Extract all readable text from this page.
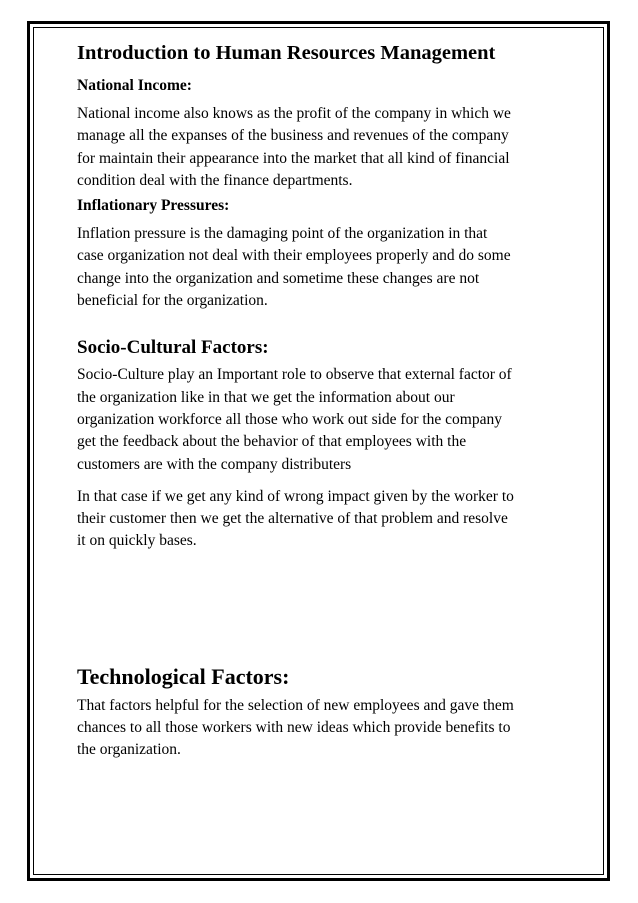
Introduction to Human Resources Management
National Income:

National income also knows as the profit of the company in which we
manage all the expanses of the business and revenues of the company
for maintain their appearance into the market that all kind of financial
condition deal with the finance departments.

Inflationary Pressures:

Inflation pressure is the damaging point of the organization in that
case organization not deal with their employees properly and do some
change into the organization and sometime these changes are not
beneficial for the organization.

Socio-Cultural Factors:

Socio-Culture play an Important role to observe that external factor of
the organization like in that we get the information about our
organization workforce all those who work out side for the company
get the feedback about the behavior of that employees with the
customers are with the company distributers

In that case if we get any kind of wrong impact given by the worker to
their customer then we get the alternative of that problem and resolve
it on quickly bases.

Technological Factors:

That factors helpful for the selection of new employees and gave them
chances to all those workers with new ideas which provide benefits to
the organization.
